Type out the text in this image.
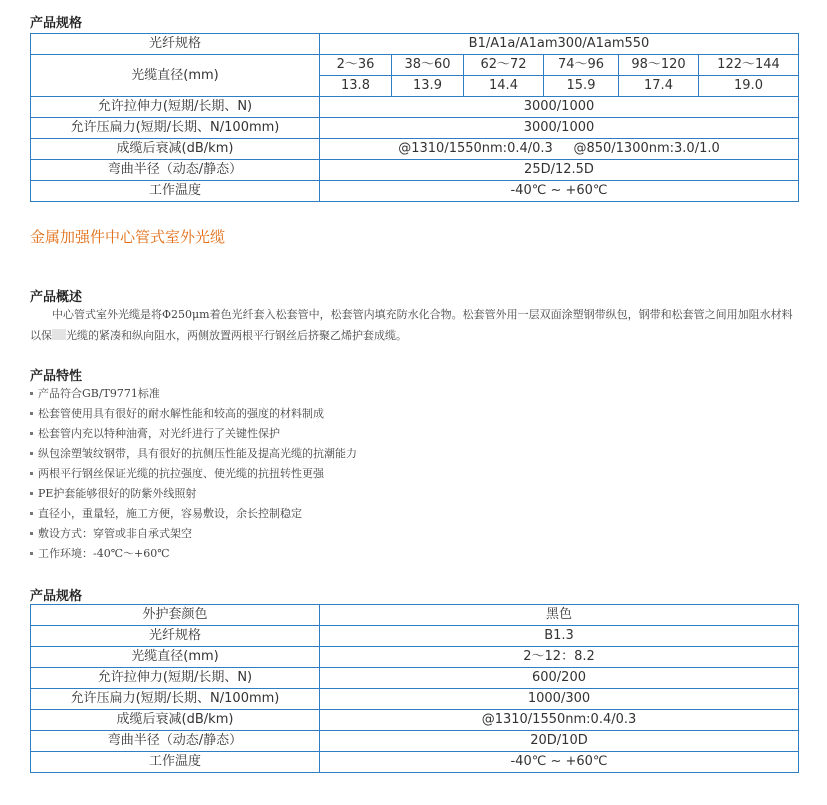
产品规格
光纤规格	B1/A1a/A1am300/A1am550					
光缆直径(mm)	2～36	38～60	62～72	74～96	98～120	122～144
	13.8	13.9	14.4	15.9	17.4	19.0
允许拉伸力(短期/长期、N)	3000/1000					
允许压扁力(短期/长期、N/100mm)	3000/1000					
成缆后衰减(dB/km)	@1310/1550nm:0.4/0.3     @850/1300nm:3.0/1.0					
弯曲半径（动态/静态）	25D/12.5D					
工作温度	-40℃ ~ +60℃					
金属加强件中心管式室外光缆
产品概述
中心管式室外光缆是将Φ250μm着色光纤套入松套管中，松套管内填充防水化合物。松套管外用一层双面涂塑钢带纵包，钢带和松套管之间用加阻水材料以保 光缆的紧凑和纵向阻水，两侧放置两根平行钢丝后挤聚乙烯护套成缆。
产品特性
产品符合GB/T9771标准
松套管使用具有很好的耐水解性能和较高的强度的材料制成
松套管内充以特种油膏，对光纤进行了关键性保护
纵包涂塑皱纹钢带，具有很好的抗侧压性能及提高光缆的抗潮能力
两根平行钢丝保证光缆的抗拉强度、使光缆的抗扭转性更强
PE护套能够很好的防紫外线照射
直径小，重量轻，施工方便，容易敷设，余长控制稳定
敷设方式：穿管或非自承式架空
工作环境：-40℃～+60℃
产品规格
外护套颜色	黑色
光纤规格	B1.3
光缆直径(mm)	2～12：8.2
允许拉伸力(短期/长期、N)	600/200
允许压扁力(短期/长期、N/100mm)	1000/300
成缆后衰减(dB/km)	@1310/1550nm:0.4/0.3
弯曲半径（动态/静态）	20D/10D
工作温度	-40℃ ~ +60℃
